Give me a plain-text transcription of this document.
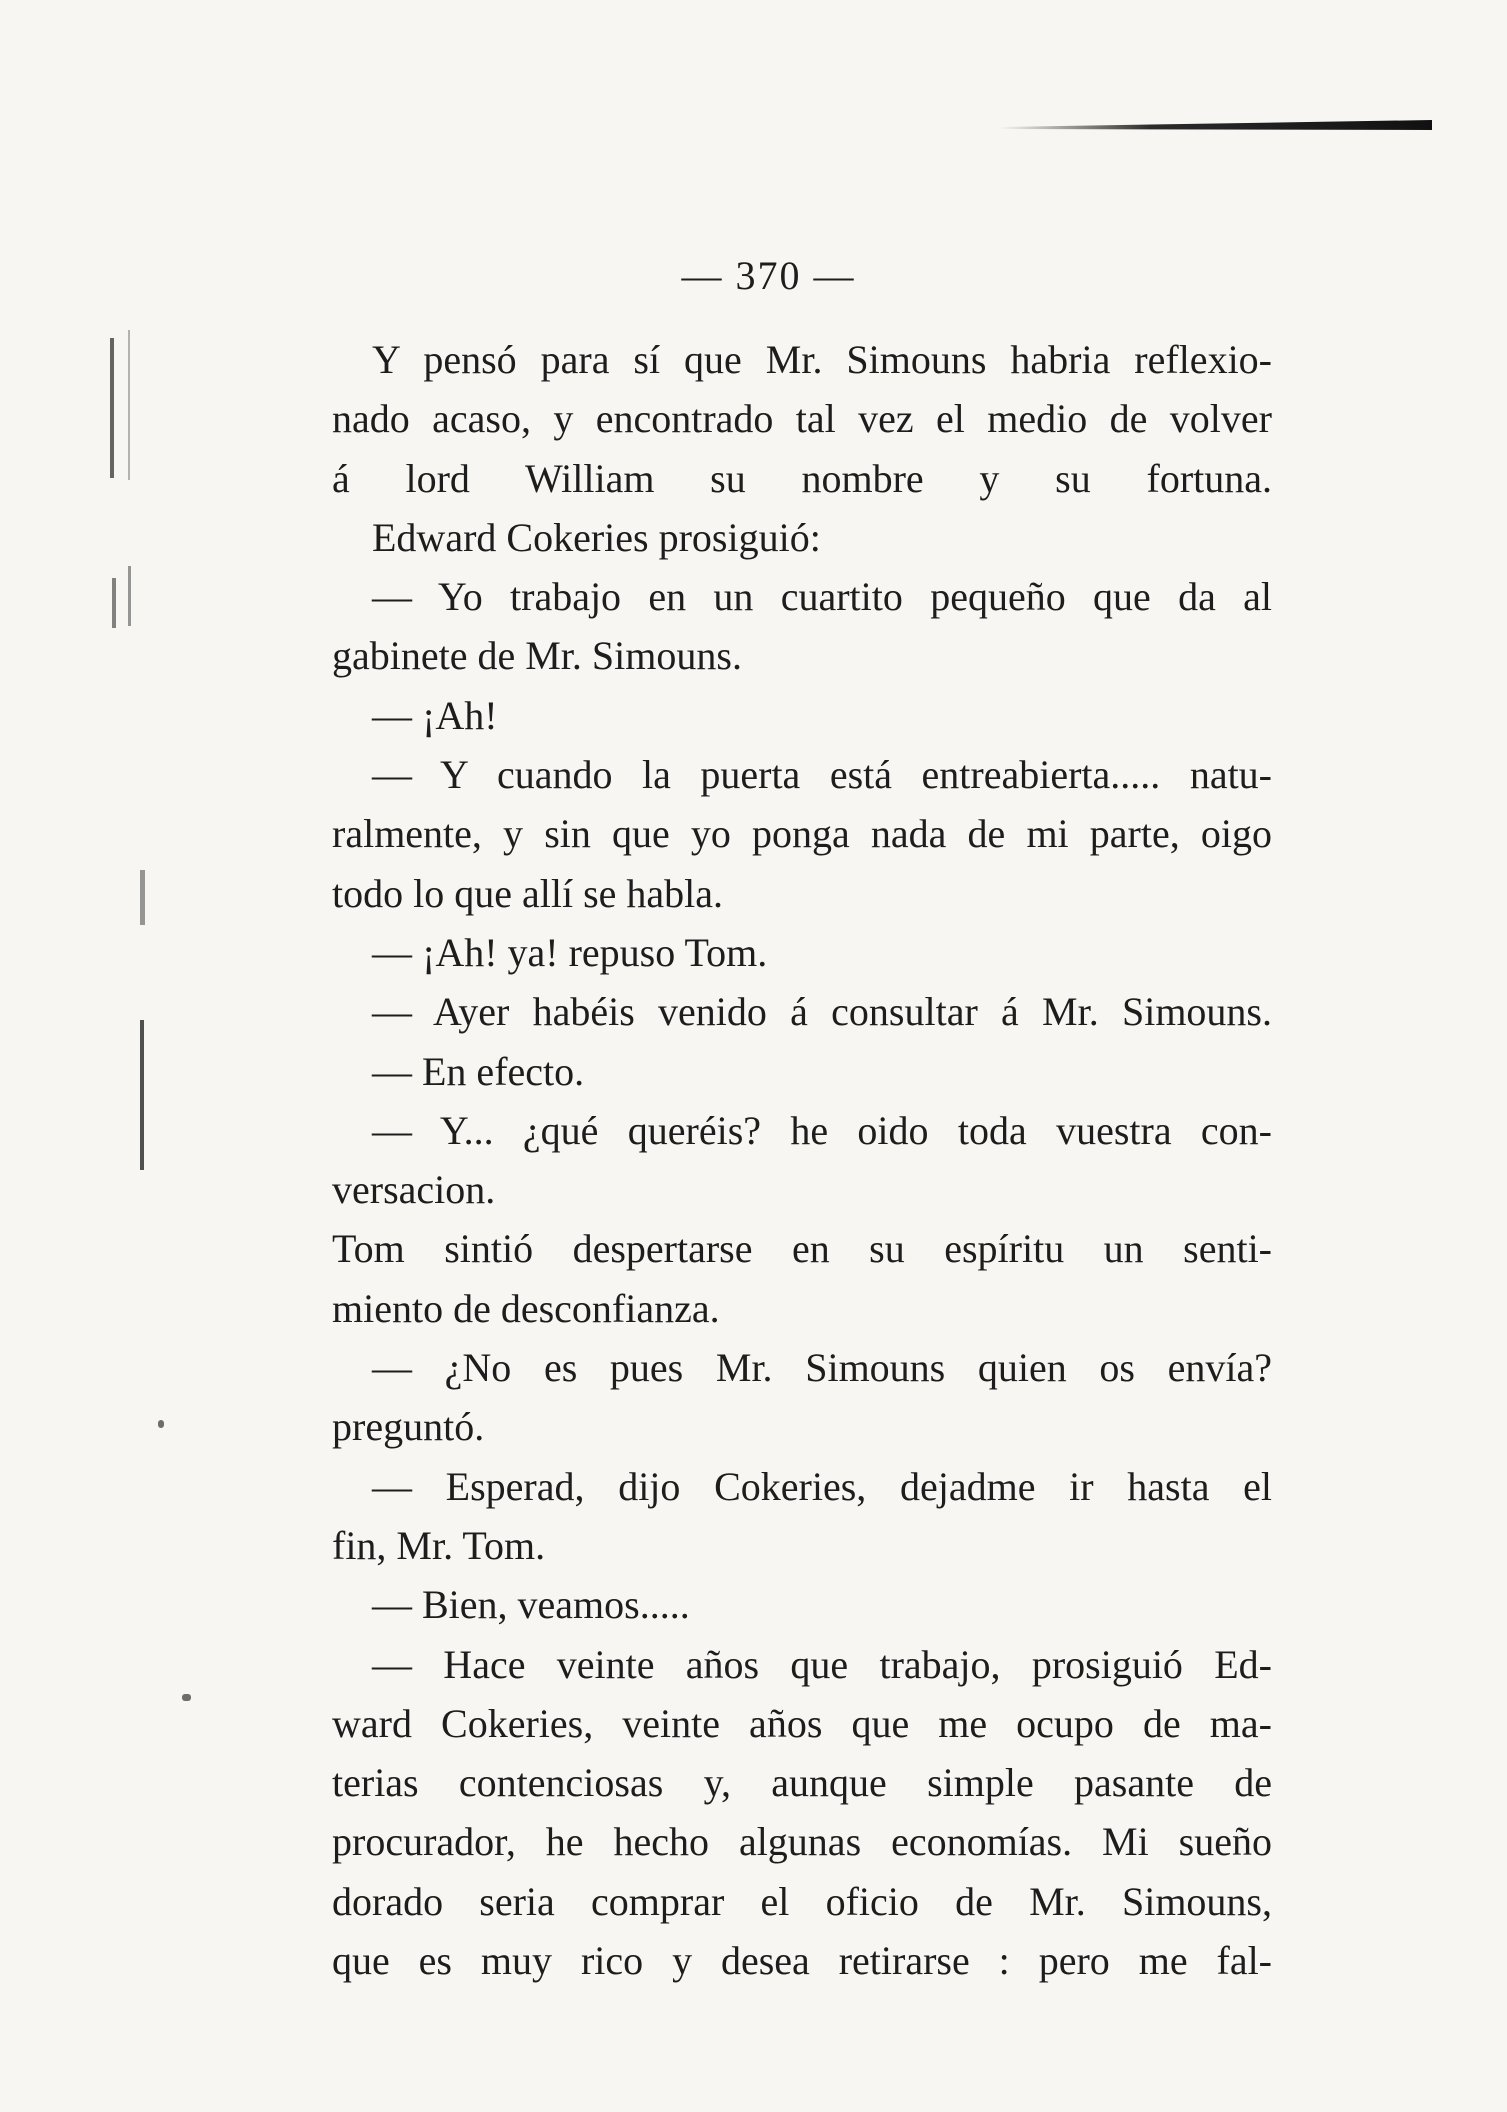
— 370 —
Y pensó para sí que Mr. Simouns habria reflexio-
nado acaso, y encontrado tal vez el medio de volver
á lord William su nombre y su fortuna.
Edward Cokeries prosiguió:
— Yo trabajo en un cuartito pequeño que da al
gabinete de Mr. Simouns.
— ¡Ah!
— Y cuando la puerta está entreabierta..... natu-
ralmente, y sin que yo ponga nada de mi parte, oigo
todo lo que allí se habla.
— ¡Ah! ya! repuso Tom.
— Ayer habéis venido á consultar á Mr. Simouns.
— En efecto.
— Y... ¿qué queréis? he oido toda vuestra con-
versacion.
Tom sintió despertarse en su espíritu un senti-
miento de desconfianza.
— ¿No es pues Mr. Simouns quien os envía?
preguntó.
— Esperad, dijo Cokeries, dejadme ir hasta el
fin, Mr. Tom.
— Bien, veamos.....
— Hace veinte años que trabajo, prosiguió Ed-
ward Cokeries, veinte años que me ocupo de ma-
terias contenciosas y, aunque simple pasante de
procurador, he hecho algunas economías. Mi sueño
dorado seria comprar el oficio de Mr. Simouns,
que es muy rico y desea retirarse : pero me fal-
